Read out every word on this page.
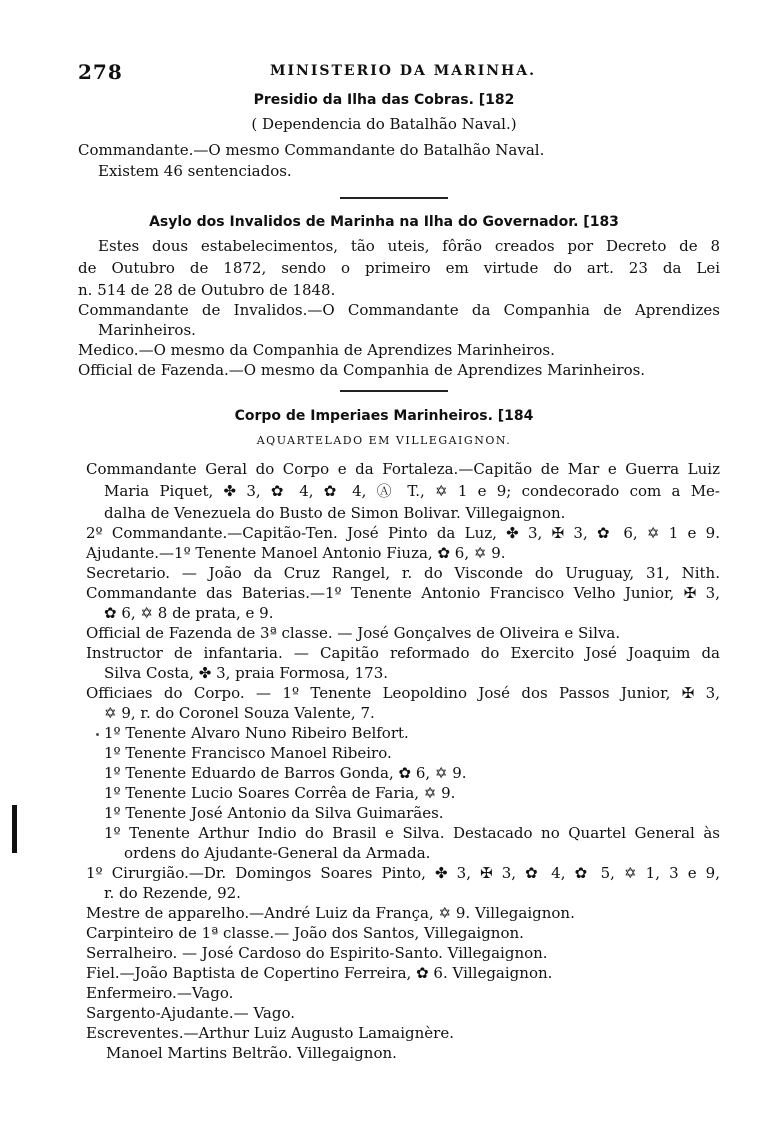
278	MINISTERIO DA MARINHA.
Presidio da Ilha das Cobras. [182
( Dependencia do Batalhão Naval.)
Commandante.—O mesmo Commandante do Batalhão Naval.
Existem 46 sentenciados.
Asylo dos Invalidos de Marinha na Ilha do Governador. [183
Estes dous estabelecimentos, tão uteis, fôrão creados por Decreto de 8
de Outubro de 1872, sendo o primeiro em virtude do art. 23 da Lei
n. 514 de 28 de Outubro de 1848.
Commandante de Invalidos.—O Commandante da Companhia de Aprendizes
Marinheiros.
Medico.—O mesmo da Companhia de Aprendizes Marinheiros.
Official de Fazenda.—O mesmo da Companhia de Aprendizes Marinheiros.
Corpo de Imperiaes Marinheiros. [184
AQUARTELADO EM VILLEGAIGNON.
Commandante Geral do Corpo e da Fortaleza.—Capitão de Mar e Guerra Luiz
Maria Piquet, ✤ 3, ✿ 4, ✿ 4, Ⓐ T., ✡ 1 e 9; condecorado com a Me-
dalha de Venezuela do Busto de Simon Bolivar. Villegaignon.
2º Commandante.—Capitão-Ten. José Pinto da Luz, ✤ 3, ✠ 3, ✿ 6, ✡ 1 e 9.
Ajudante.—1º Tenente Manoel Antonio Fiuza, ✿ 6, ✡ 9.
Secretario. — João da Cruz Rangel, r. do Visconde do Uruguay, 31, Nith.
Commandante das Baterias.—1º Tenente Antonio Francisco Velho Junior, ✠ 3,
✿ 6, ✡ 8 de prata, e 9.
Official de Fazenda de 3ª classe. — José Gonçalves de Oliveira e Silva.
Instructor de infantaria. — Capitão reformado do Exercito José Joaquim da
Silva Costa, ✤ 3, praia Formosa, 173.
Officiaes do Corpo. — 1º Tenente Leopoldino José dos Passos Junior, ✠ 3,
✡ 9, r. do Coronel Souza Valente, 7.
1º Tenente Alvaro Nuno Ribeiro Belfort.
1º Tenente Francisco Manoel Ribeiro.
1º Tenente Eduardo de Barros Gonda, ✿ 6, ✡ 9.
1º Tenente Lucio Soares Corrêa de Faria, ✡ 9.
1º Tenente José Antonio da Silva Guimarães.
1º Tenente Arthur Indio do Brasil e Silva. Destacado no Quartel General às
ordens do Ajudante-General da Armada.
1º Cirurgião.—Dr. Domingos Soares Pinto, ✤ 3, ✠ 3, ✿ 4, ✿ 5, ✡ 1, 3 e 9,
r. do Rezende, 92.
Mestre de apparelho.—André Luiz da França, ✡ 9. Villegaignon.
Carpinteiro de 1ª classe.— João dos Santos, Villegaignon.
Serralheiro. — José Cardoso do Espirito-Santo. Villegaignon.
Fiel.—João Baptista de Copertino Ferreira, ✿ 6. Villegaignon.
Enfermeiro.—Vago.
Sargento-Ajudante.— Vago.
Escreventes.—Arthur Luiz Augusto Lamaignère.
Manoel Martins Beltrão. Villegaignon.
